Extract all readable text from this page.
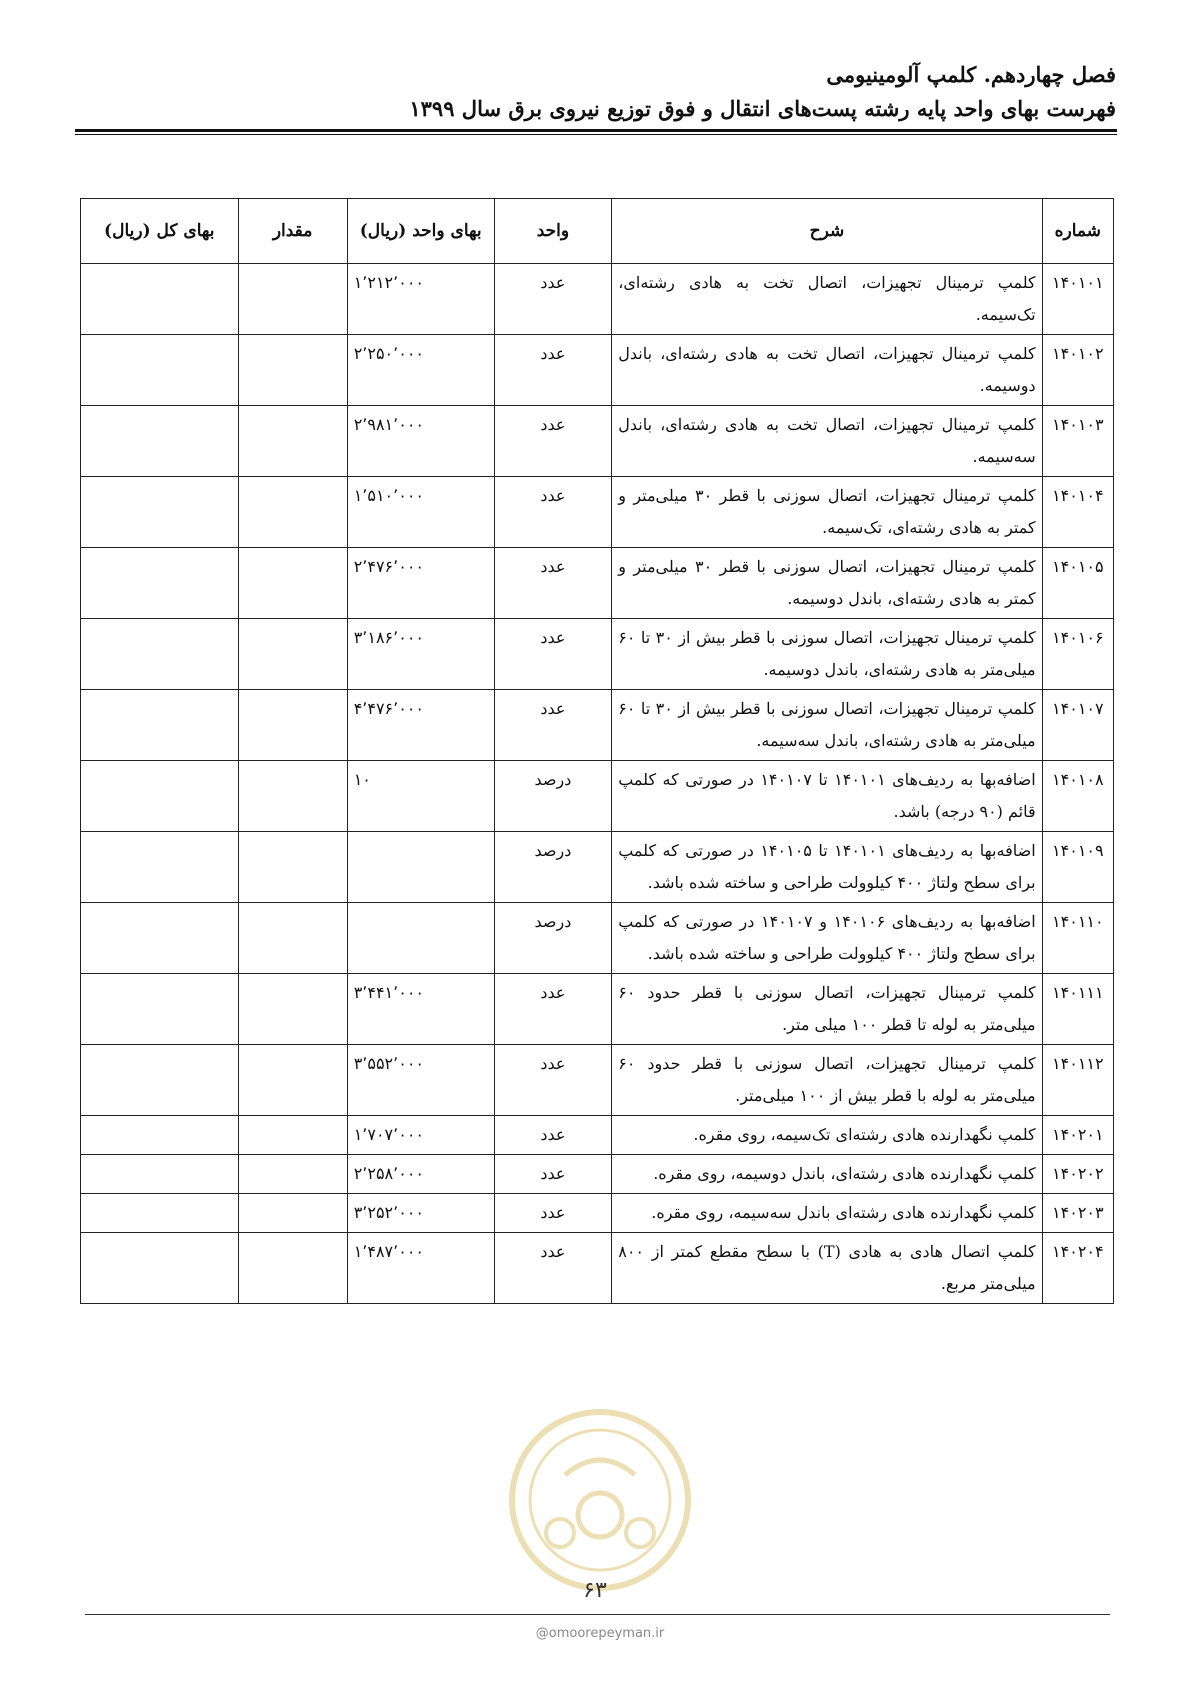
فصل چهاردهم. کلمپ آلومینیومی
فهرست بهای واحد پایه رشته پست‌های انتقال و فوق توزیع نیروی برق سال ۱۳۹۹
شماره	شرح	واحد	بهای واحد (ریال)	مقدار	بهای کل (ریال)
۱۴۰۱۰۱	کلمپ ترمینال تجهیزات، اتصال تخت به هادی رشته‌ای، تک‌سیمه.	عدد	۱٬۲۱۲٬۰۰۰		
۱۴۰۱۰۲	کلمپ ترمینال تجهیزات، اتصال تخت به هادی رشته‌ای، باندل دوسیمه.	عدد	۲٬۲۵۰٬۰۰۰		
۱۴۰۱۰۳	کلمپ ترمینال تجهیزات، اتصال تخت به هادی رشته‌ای، باندل سه‌سیمه.	عدد	۲٬۹۸۱٬۰۰۰		
۱۴۰۱۰۴	کلمپ ترمینال تجهیزات، اتصال سوزنی با قطر ۳۰ میلی‌متر و کمتر به هادی رشته‌ای، تک‌سیمه.	عدد	۱٬۵۱۰٬۰۰۰		
۱۴۰۱۰۵	کلمپ ترمینال تجهیزات، اتصال سوزنی با قطر ۳۰ میلی‌متر و کمتر به هادی رشته‌ای، باندل دوسیمه.	عدد	۲٬۴۷۶٬۰۰۰		
۱۴۰۱۰۶	کلمپ ترمینال تجهیزات، اتصال سوزنی با قطر بیش از ۳۰ تا ۶۰ میلی‌متر به هادی رشته‌ای، باندل دوسیمه.	عدد	۳٬۱۸۶٬۰۰۰		
۱۴۰۱۰۷	کلمپ ترمینال تجهیزات، اتصال سوزنی با قطر بیش از ۳۰ تا ۶۰ میلی‌متر به هادی رشته‌ای، باندل سه‌سیمه.	عدد	۴٬۴۷۶٬۰۰۰		
۱۴۰۱۰۸	اضافه‌بها به ردیف‌های ۱۴۰۱۰۱ تا ۱۴۰۱۰۷ در صورتی که کلمپ قائم (۹۰ درجه) باشد.	درصد	۱۰		
۱۴۰۱۰۹	اضافه‌بها به ردیف‌های ۱۴۰۱۰۱ تا ۱۴۰۱۰۵ در صورتی که کلمپ برای سطح ولتاژ ۴۰۰ کیلوولت طراحی و ساخته شده باشد.	درصد			
۱۴۰۱۱۰	اضافه‌بها به ردیف‌های ۱۴۰۱۰۶ و ۱۴۰۱۰۷ در صورتی که کلمپ برای سطح ولتاژ ۴۰۰ کیلوولت طراحی و ساخته شده باشد.	درصد			
۱۴۰۱۱۱	کلمپ ترمینال تجهیزات، اتصال سوزنی با قطر حدود ۶۰ میلی‌متر به لوله تا قطر ۱۰۰ میلی متر.	عدد	۳٬۴۴۱٬۰۰۰		
۱۴۰۱۱۲	کلمپ ترمینال تجهیزات، اتصال سوزنی با قطر حدود ۶۰ میلی‌متر به لوله با قطر بیش از ۱۰۰ میلی‌متر.	عدد	۳٬۵۵۲٬۰۰۰		
۱۴۰۲۰۱	کلمپ نگهدارنده هادی رشته‌ای تک‌سیمه، روی مقره.	عدد	۱٬۷۰۷٬۰۰۰		
۱۴۰۲۰۲	کلمپ نگهدارنده هادی رشته‌ای، باندل دوسیمه، روی مقره.	عدد	۲٬۲۵۸٬۰۰۰		
۱۴۰۲۰۳	کلمپ نگهدارنده هادی رشته‌ای باندل سه‌سیمه، روی مقره.	عدد	۳٬۲۵۲٬۰۰۰		
۱۴۰۲۰۴	کلمپ اتصال هادی به هادی (T) با سطح مقطع کمتر از ۸۰۰ میلی‌متر مربع.	عدد	۱٬۴۸۷٬۰۰۰		
۶۳
@omoorepeyman.ir
